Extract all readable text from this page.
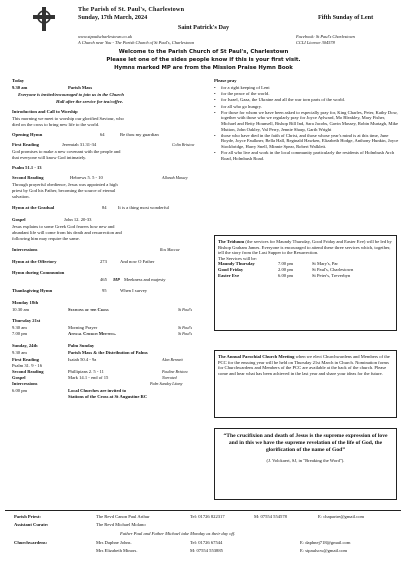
The Parish of St. Paul's, Charlestown
Sunday, 17th March, 2024	Fifth Sunday of Lent
Saint Patrick's Day
www.stpaulscharlestown.co.uk	Facebook: St Paul's Charlestown
A Church near You - The Parish Church of St Paul's, Charlestown	CCLI Licence 304578
Welcome to the Parish Church of St Paul's, Charlestown
Please let one of the sides people know if this is your first visit.
Hymns marked MP are from the Mission Praise Hymn Book
Today
9.30 am	Parish Mass
Everyone is invited/encouraged to join us in the Church
Hall after the service for tea/coffee.
Introduction and Call to Worship
This morning we meet to worship our glorified Saviour, who
died on the cross to bring new life to the world.
Opening Hymn	64	Be thou my guardian
First Reading	Jeremiah 31.31-34	Colin Bristow
God promises to make a new covenant with the people and
that everyone will know God intimately.
Psalm 51.1 - 13
Second Reading	Hebrews 5. 5 - 10	Allanah Massey
Through prayerful obedience, Jesus was appointed a high
priest by God his Father, becoming the source of eternal
salvation.
Hymn at the Gradual	84 It is a thing most wonderful
Gospel	John 12. 20-33
Jesus explains to some Greek God fearers how new and
abundant life will come from his death and resurrection and
following him may require the same.
Intercessions	Ros Maccue
Hymn at the Offertory	273	And now O Father
Hymn during Communion
465 MP Meekness and majesty
Thanksgiving Hymn	95	When I survey
Monday 18th
10.30 am	Stations of the Cross	St Paul's
Thursday 21st
9.30 am	Morning Prayer	St Paul's
7.00 pm	Annual Church Meeting.	St Paul's
Sunday, 24th	Palm Sunday
9.30 am	Parish Mass & the Distribution of Palms
First Reading	Isaiah 50.4 - 9a	Alan Bennett
Psalm 31. 9 - 16
Second Reading	Phillipians 2. 5 - 11	Pauline Bristow
Gospel	Mark 14.1 - end of 15	Narrated
Intercessions	Palm Sunday Litany
6.00 pm	Local Churches are invited to
Stations of the Cross at St Augustine RC
Please pray
•	for a right keeping of Lent
•	for the peace of the world.
•	for Israel, Gaza, the Ukraine and all the war torn parts of the world.
•	for all who go hungry.
•	For those for whom we have been asked to especially pray for, King Charles, Peter, Kathy Dow, together with those who we regularly pray for Joyce Aylward, Mo Bleakley, Mary Fisher, Michael and Betty Hounsell, Bishop Bill Ind, Sara Jacobs, Gavin Massey, Robin Murtagh, Mike Mutton, John Oakley, Val Perry, Jennie Sharp, Garth Wright
•	those who have died in the faith of Christ, and those whose year's mind is at this time, June Boyde, Joyce Faulkner, Bella Hall, Reginald Hawken, Elizabeth Hodge, Anthony Hunkin, Joyce Stockbridge, Harry Snell, Minnie Spear, Robert Walklett.
•	For all who live and work in the local community particularly the residents of Holmbush Arch Road, Holmbush Road.
The Triduum (the services for Maundy Thursday, Good Friday and Easter Eve) will be led by Bishop Graham James. Everyone is encouraged to attend these three services which, together, tell the story from the Last Supper to the Resurrection.
The Services will be:
Maundy Thursday	7.00 pm	St Mary's, Par
Good Friday	2.00 pm	St Paul's, Charlestown
Easter Eve	6.00 pm	St Peter's, Treverbyn
The Annual Parochial Church Meeting when we elect Churchwardens and Members of the PCC for the ensuing year will be held on Thursday 21st March in Church. Nomination forms for Churchwardens and Members of the PCC are available at the back of the church. Please come and hear what has been achieved in the last year and share your ideas for the future.
“The crucifixion and death of Jesus is the supreme expression of love and in this we have the supreme revelation of the life of God, the glorification of the name of God”
(J. Volckaert, SJ, in "Breaking the Word").
Parish Priest:	The Revd Canon Paul Arthur	Tel: 01726 822317	M: 07554 554578	E: chapartre@gmail.com
Assistant Curate:	The Revd Michael Molano
Father Paul and Father Michael take Monday as their day off.
Churchwardens:	Mrs Daphne Johns.	Tel: 01726 67544	E: daphnej718@gmail.com
Mrs Elizabeth Minors.	M: 07554 553885	E: stpaulscw@gmail.com
